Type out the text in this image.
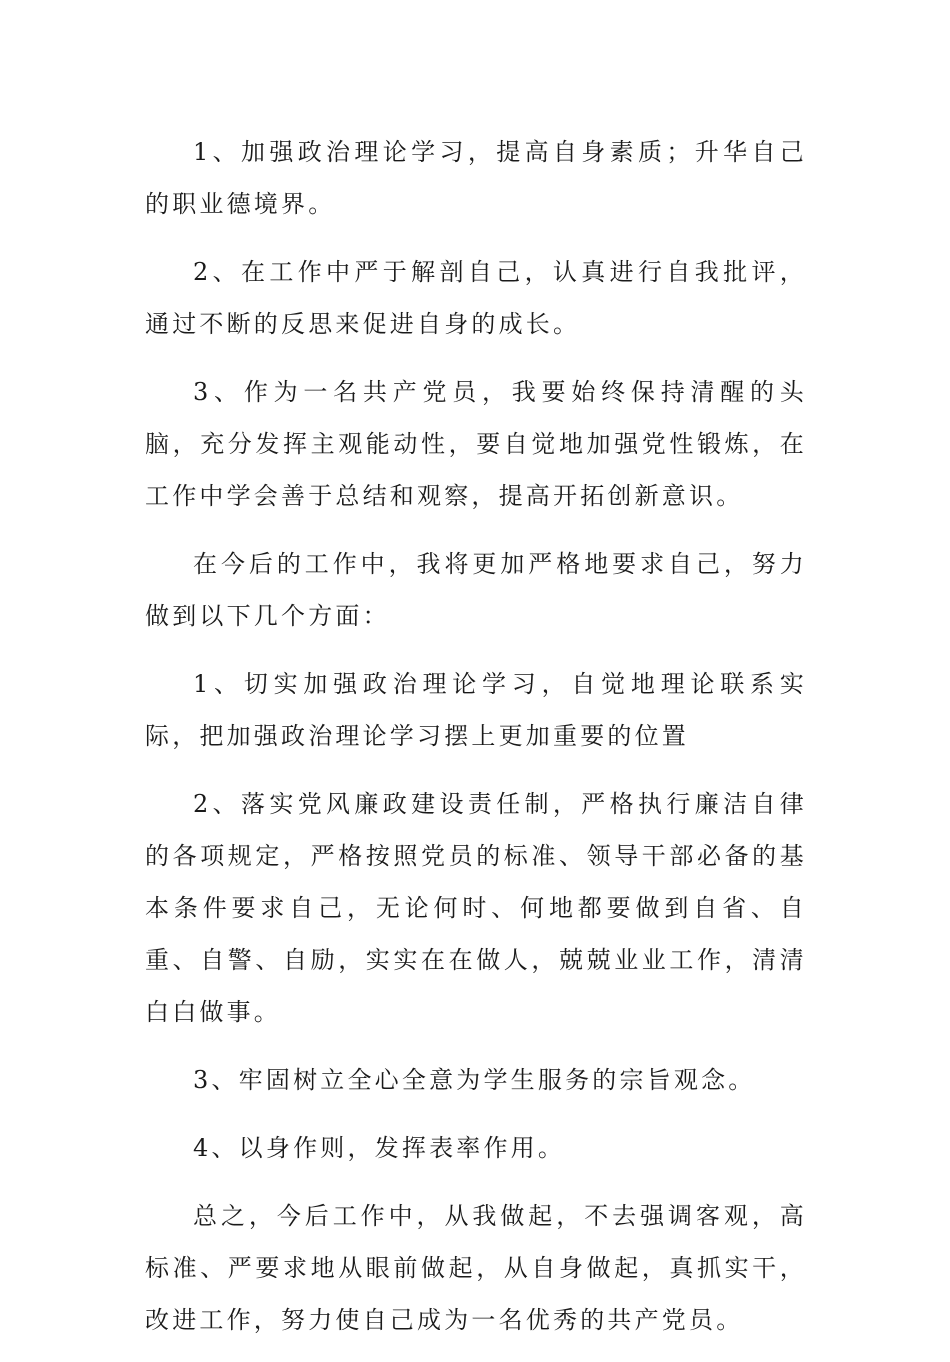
1、加强政治理论学习，提高自身素质；升华自己的职业德境界。

2、在工作中严于解剖自己，认真进行自我批评，通过不断的反思来促进自身的成长。

3、作为一名共产党员，我要始终保持清醒的头脑，充分发挥主观能动性，要自觉地加强党性锻炼，在工作中学会善于总结和观察，提高开拓创新意识。

在今后的工作中，我将更加严格地要求自己，努力做到以下几个方面：

1、切实加强政治理论学习，自觉地理论联系实际，把加强政治理论学习摆上更加重要的位置

2、落实党风廉政建设责任制，严格执行廉洁自律的各项规定，严格按照党员的标准、领导干部必备的基本条件要求自己，无论何时、何地都要做到自省、自重、自警、自励，实实在在做人，兢兢业业工作，清清白白做事。

3、牢固树立全心全意为学生服务的宗旨观念。

4、以身作则，发挥表率作用。

总之，今后工作中，从我做起，不去强调客观，高标准、严要求地从眼前做起，从自身做起，真抓实干，改进工作，努力使自己成为一名优秀的共产党员。
